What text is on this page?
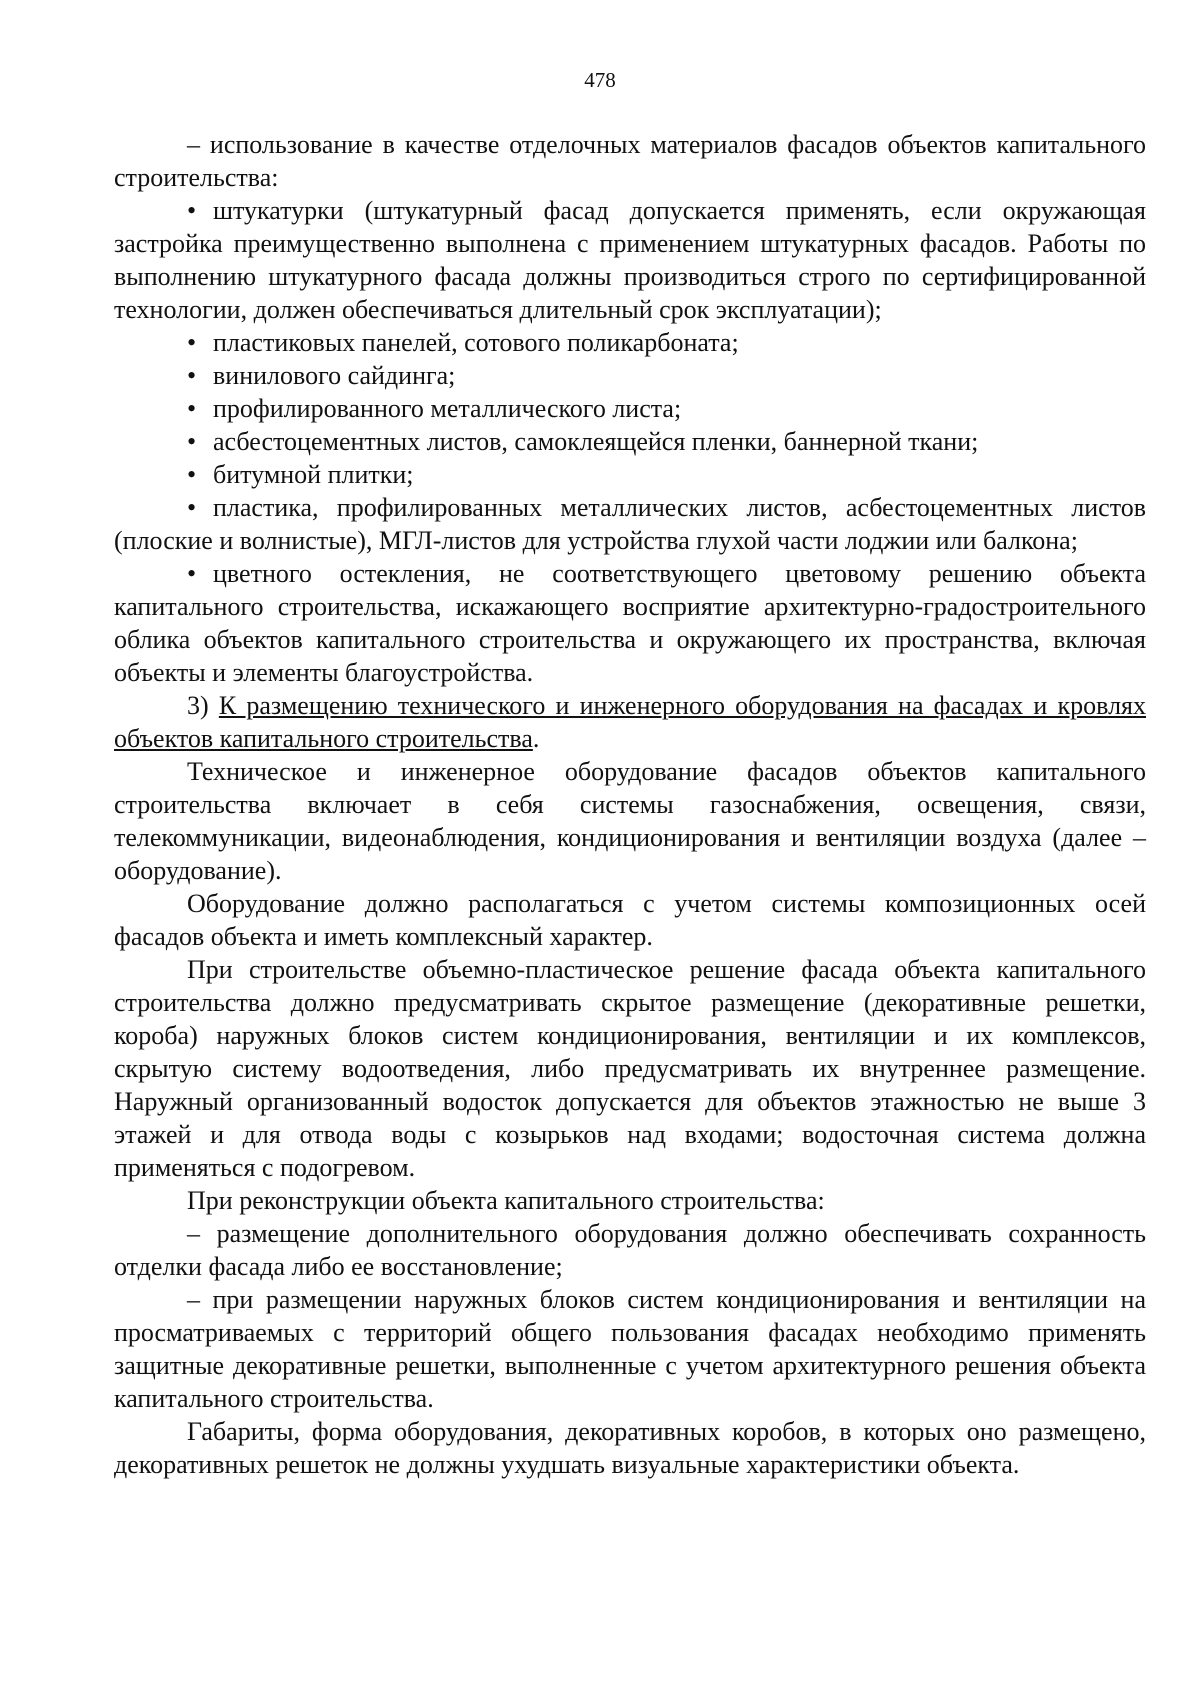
478

– использование в качестве отделочных материалов фасадов объектов капитального строительства:

• штукатурки (штукатурный фасад допускается применять, если окружающая застройка преимущественно выполнена с применением штукатурных фасадов. Работы по выполнению штукатурного фасада должны производиться строго по сертифицированной технологии, должен обеспечиваться длительный срок эксплуатации);

• пластиковых панелей, сотового поликарбоната;

• винилового сайдинга;

• профилированного металлического листа;

• асбестоцементных листов, самоклеящейся пленки, баннерной ткани;

• битумной плитки;

• пластика, профилированных металлических листов, асбестоцементных листов (плоские и волнистые), МГЛ-листов для устройства глухой части лоджии или балкона;

• цветного остекления, не соответствующего цветовому решению объекта капитального строительства, искажающего восприятие архитектурно-градостроительного облика объектов капитального строительства и окружающего их пространства, включая объекты и элементы благоустройства.

3) К размещению технического и инженерного оборудования на фасадах и кровлях объектов капитального строительства.

Техническое и инженерное оборудование фасадов объектов капитального строительства включает в себя системы газоснабжения, освещения, связи, телекоммуникации, видеонаблюдения, кондиционирования и вентиляции воздуха (далее – оборудование).

Оборудование должно располагаться с учетом системы композиционных осей фасадов объекта и иметь комплексный характер.

При строительстве объемно-пластическое решение фасада объекта капитального строительства должно предусматривать скрытое размещение (декоративные решетки, короба) наружных блоков систем кондиционирования, вентиляции и их комплексов, скрытую систему водоотведения, либо предусматривать их внутреннее размещение. Наружный организованный водосток допускается для объектов этажностью не выше 3 этажей и для отвода воды с козырьков над входами; водосточная система должна применяться с подогревом.

При реконструкции объекта капитального строительства:

– размещение дополнительного оборудования должно обеспечивать сохранность отделки фасада либо ее восстановление;

– при размещении наружных блоков систем кондиционирования и вентиляции на просматриваемых с территорий общего пользования фасадах необходимо применять защитные декоративные решетки, выполненные с учетом архитектурного решения объекта капитального строительства.

Габариты, форма оборудования, декоративных коробов, в которых оно размещено, декоративных решеток не должны ухудшать визуальные характеристики объекта.
